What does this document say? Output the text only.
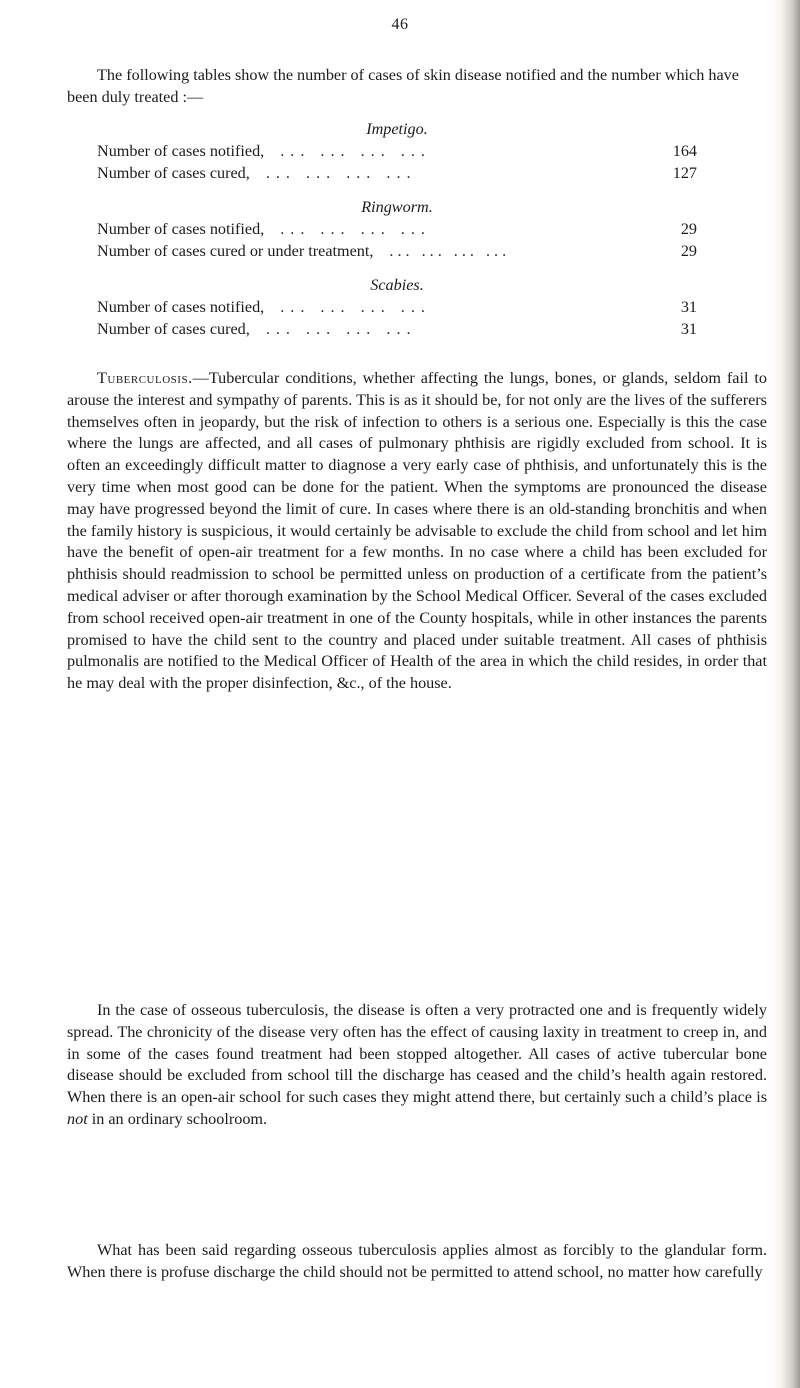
46
The following tables show the number of cases of skin disease notified and the number which have been duly treated :—
Impetigo.
Number of cases notified, ... ... ... ...	164
Number of cases cured, ... ... ... ...	127
Ringworm.
Number of cases notified, ... ... ... ...	29
Number of cases cured or under treatment, ... ... ... ...	29
Scabies.
Number of cases notified, ... ... ... ...	31
Number of cases cured, ... ... ... ...	31
Tuberculosis.—Tubercular conditions, whether affecting the lungs, bones, or glands, seldom fail to arouse the interest and sympathy of parents. This is as it should be, for not only are the lives of the sufferers themselves often in jeopardy, but the risk of infection to others is a serious one. Especially is this the case where the lungs are affected, and all cases of pulmonary phthisis are rigidly excluded from school. It is often an exceedingly difficult matter to diagnose a very early case of phthisis, and unfortunately this is the very time when most good can be done for the patient. When the symptoms are pronounced the disease may have progressed beyond the limit of cure. In cases where there is an old-standing bronchitis and when the family history is suspicious, it would certainly be advisable to exclude the child from school and let him have the benefit of open-air treatment for a few months. In no case where a child has been excluded for phthisis should readmission to school be permitted unless on production of a certificate from the patient’s medical adviser or after thorough examination by the School Medical Officer. Several of the cases excluded from school received open-air treatment in one of the County hospitals, while in other instances the parents promised to have the child sent to the country and placed under suitable treatment. All cases of phthisis pulmonalis are notified to the Medical Officer of Health of the area in which the child resides, in order that he may deal with the proper disinfection, &c., of the house.
In the case of osseous tuberculosis, the disease is often a very protracted one and is frequently widely spread. The chronicity of the disease very often has the effect of causing laxity in treatment to creep in, and in some of the cases found treatment had been stopped altogether. All cases of active tubercular bone disease should be excluded from school till the discharge has ceased and the child’s health again restored. When there is an open-air school for such cases they might attend there, but certainly such a child’s place is not in an ordinary schoolroom.
What has been said regarding osseous tuberculosis applies almost as forcibly to the glandular form. When there is profuse discharge the child should not be permitted to attend school, no matter how carefully
